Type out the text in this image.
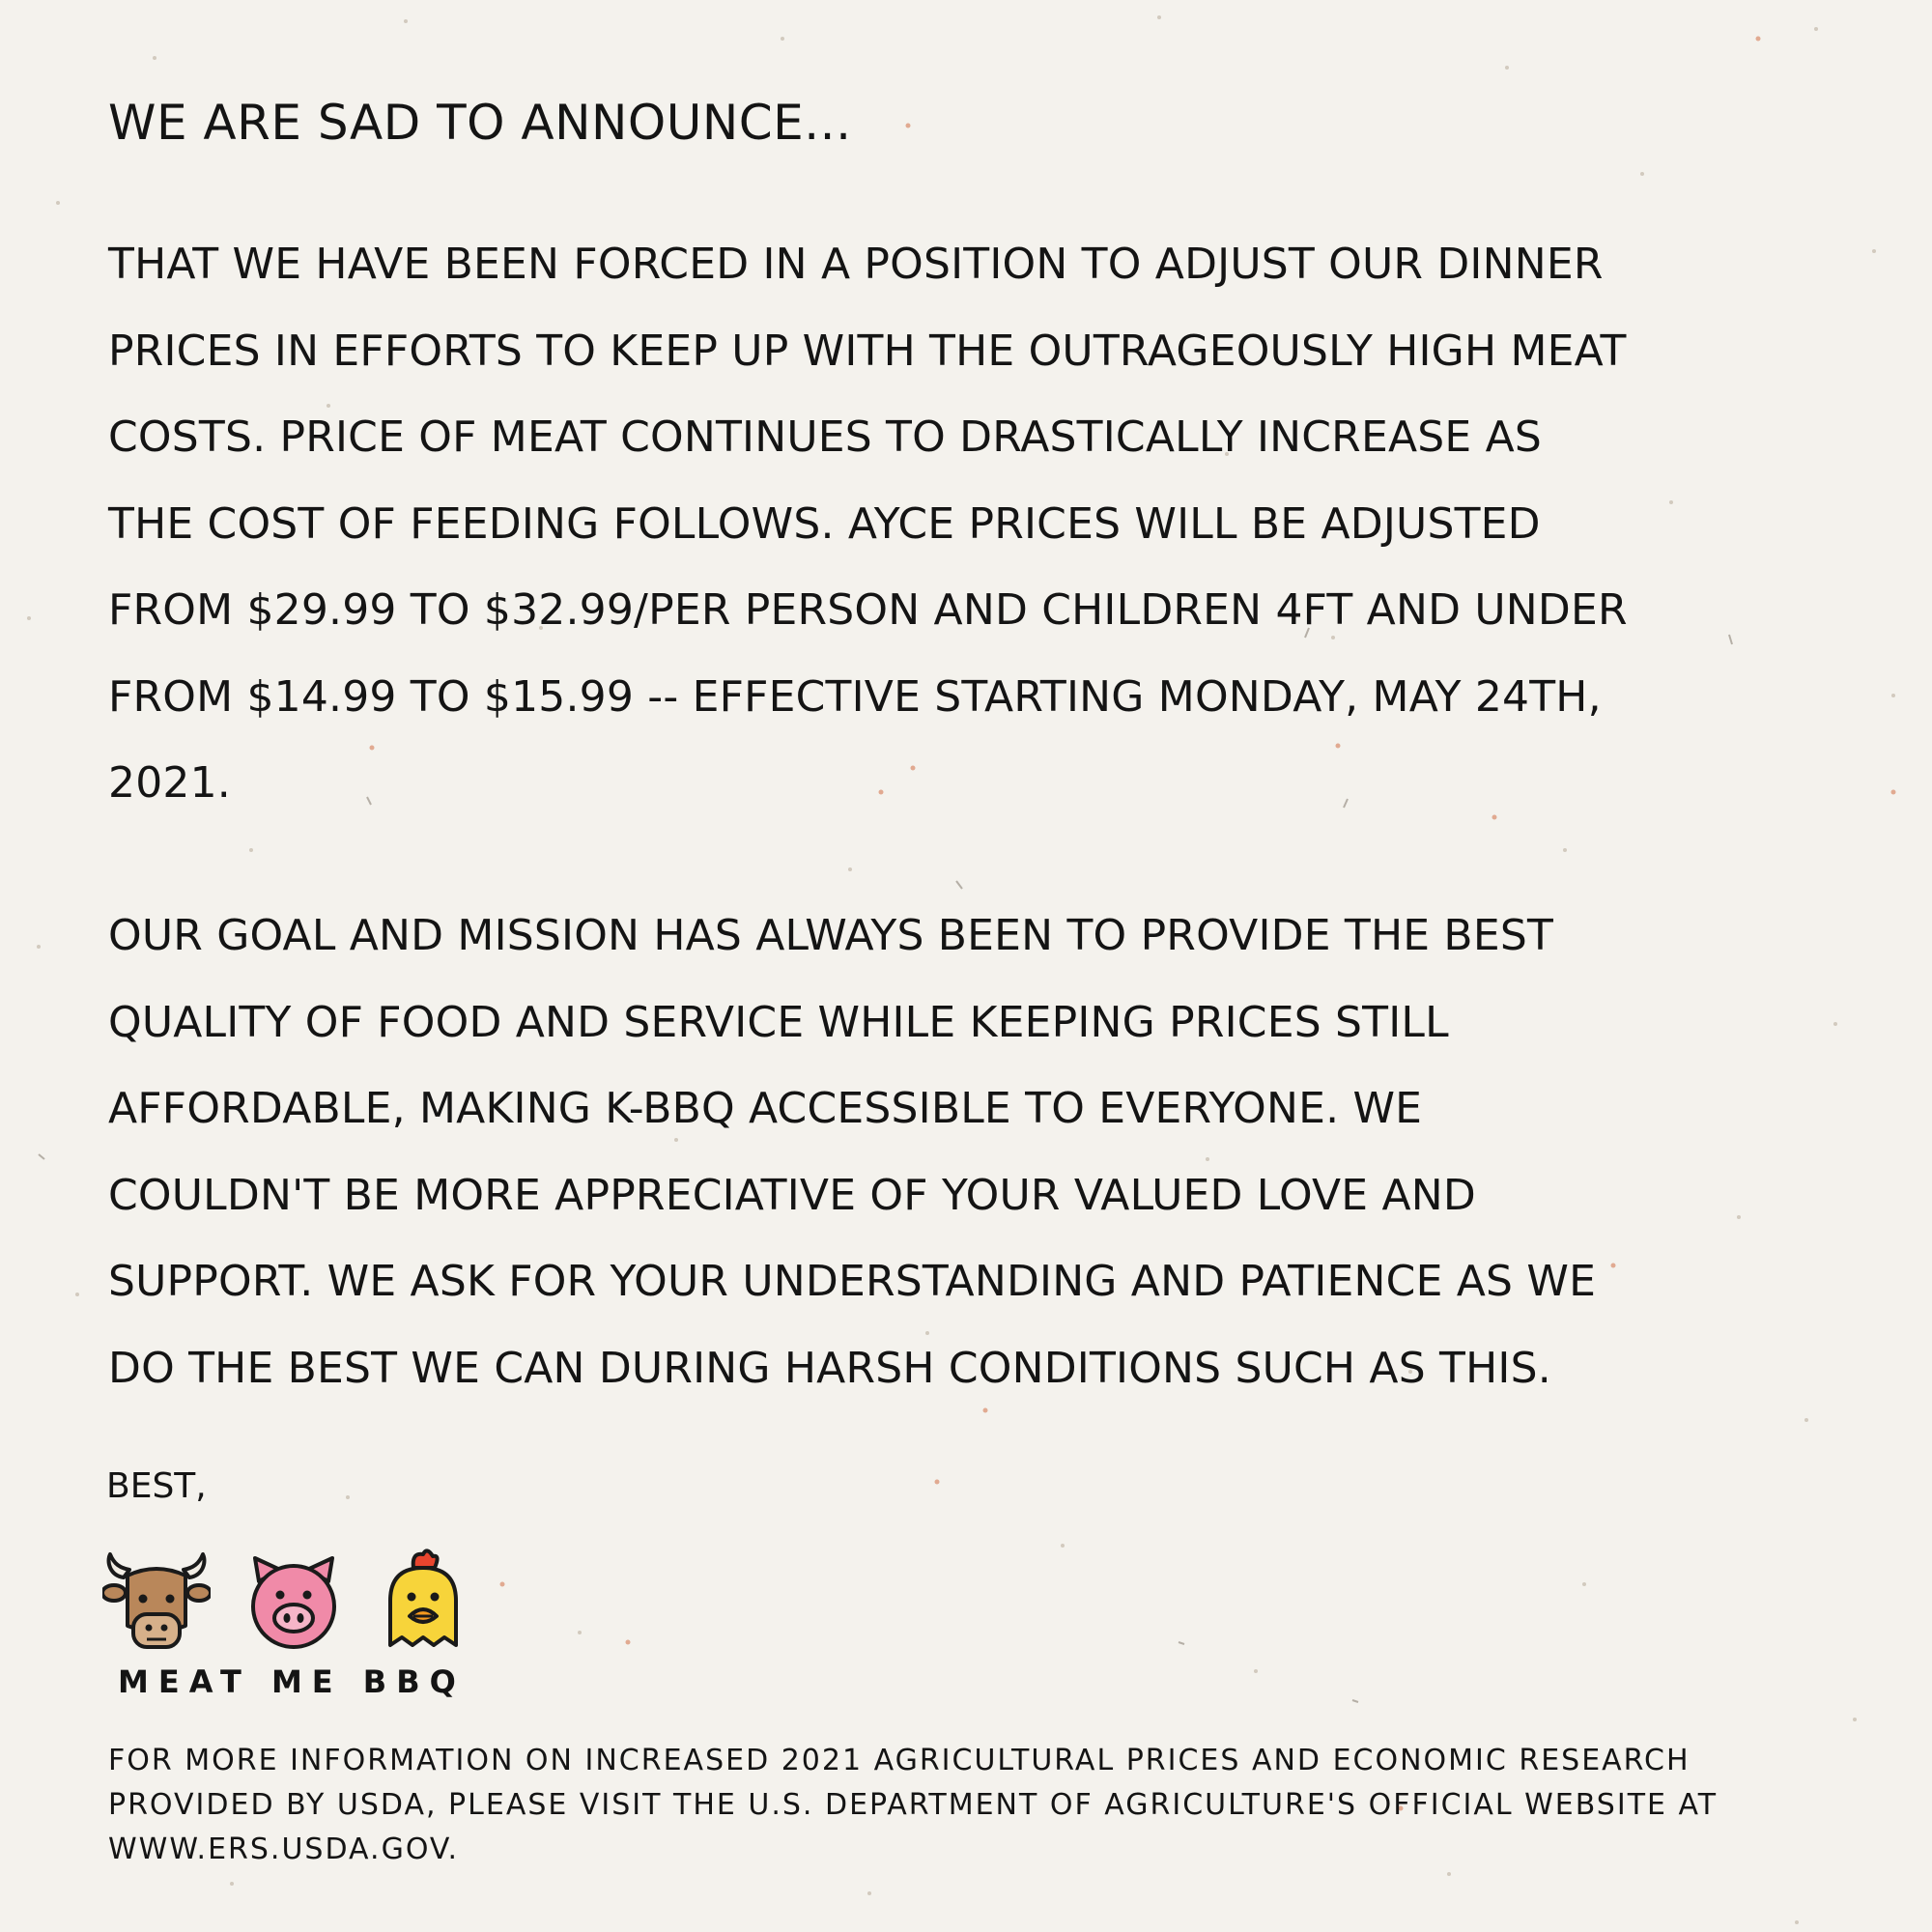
WE ARE SAD TO ANNOUNCE...

THAT WE HAVE BEEN FORCED IN A POSITION TO ADJUST OUR DINNER
PRICES IN EFFORTS TO KEEP UP WITH THE OUTRAGEOUSLY HIGH MEAT
COSTS. PRICE OF MEAT CONTINUES TO DRASTICALLY INCREASE AS
THE COST OF FEEDING FOLLOWS. AYCE PRICES WILL BE ADJUSTED
FROM $29.99 TO $32.99/PER PERSON AND CHILDREN 4FT AND UNDER
FROM $14.99 TO $15.99 -- EFFECTIVE STARTING MONDAY, MAY 24TH,
2021.

OUR GOAL AND MISSION HAS ALWAYS BEEN TO PROVIDE THE BEST
QUALITY OF FOOD AND SERVICE WHILE KEEPING PRICES STILL
AFFORDABLE, MAKING K-BBQ ACCESSIBLE TO EVERYONE. WE
COULDN'T BE MORE APPRECIATIVE OF YOUR VALUED LOVE AND
SUPPORT. WE ASK FOR YOUR UNDERSTANDING AND PATIENCE AS WE
DO THE BEST WE CAN DURING HARSH CONDITIONS SUCH AS THIS.

BEST,

MEAT ME BBQ

FOR MORE INFORMATION ON INCREASED 2021 AGRICULTURAL PRICES AND ECONOMIC RESEARCH
PROVIDED BY USDA, PLEASE VISIT THE U.S. DEPARTMENT OF AGRICULTURE'S OFFICIAL WEBSITE AT
WWW.ERS.USDA.GOV.
